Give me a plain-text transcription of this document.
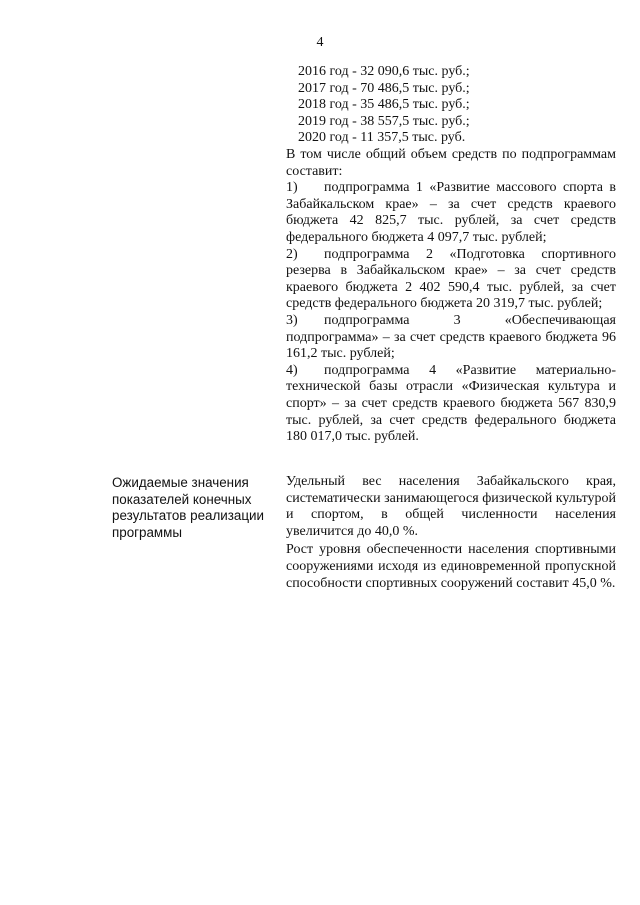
4
2016 год - 32 090,6 тыс. руб.;
2017 год - 70 486,5 тыс. руб.;
2018 год - 35 486,5 тыс. руб.;
2019 год - 38 557,5 тыс. руб.;
2020 год - 11 357,5 тыс. руб.
В том числе общий объем средств по подпрограммам составит:
1) подпрограмма 1 «Развитие массового спорта в Забайкальском крае» – за счет средств краевого бюджета 42 825,7 тыс. рублей, за счет средств федерального бюджета 4 097,7 тыс. рублей;
2) подпрограмма 2 «Подготовка спортивного резерва в Забайкальском крае» – за счет средств краевого бюджета 2 402 590,4 тыс. рублей, за счет средств федерального бюджета 20 319,7 тыс. рублей;
3) подпрограмма 3 «Обеспечивающая подпрограмма» – за счет средств краевого бюджета 96 161,2 тыс. рублей;
4) подпрограмма 4 «Развитие материально-технической базы отрасли «Физическая культура и спорт» – за счет средств краевого бюджета 567 830,9 тыс. рублей, за счет средств федерального бюджета 180 017,0 тыс. рублей.
Ожидаемые значения показателей конечных результатов реализации программы

Удельный вес населения Забайкальского края, систематически занимающегося физической культурой и спортом, в общей численности населения увеличится до 40,0 %.

Рост уровня обеспеченности населения спортивными сооружениями исходя из единовременной пропускной способности спортивных сооружений составит 45,0 %.
